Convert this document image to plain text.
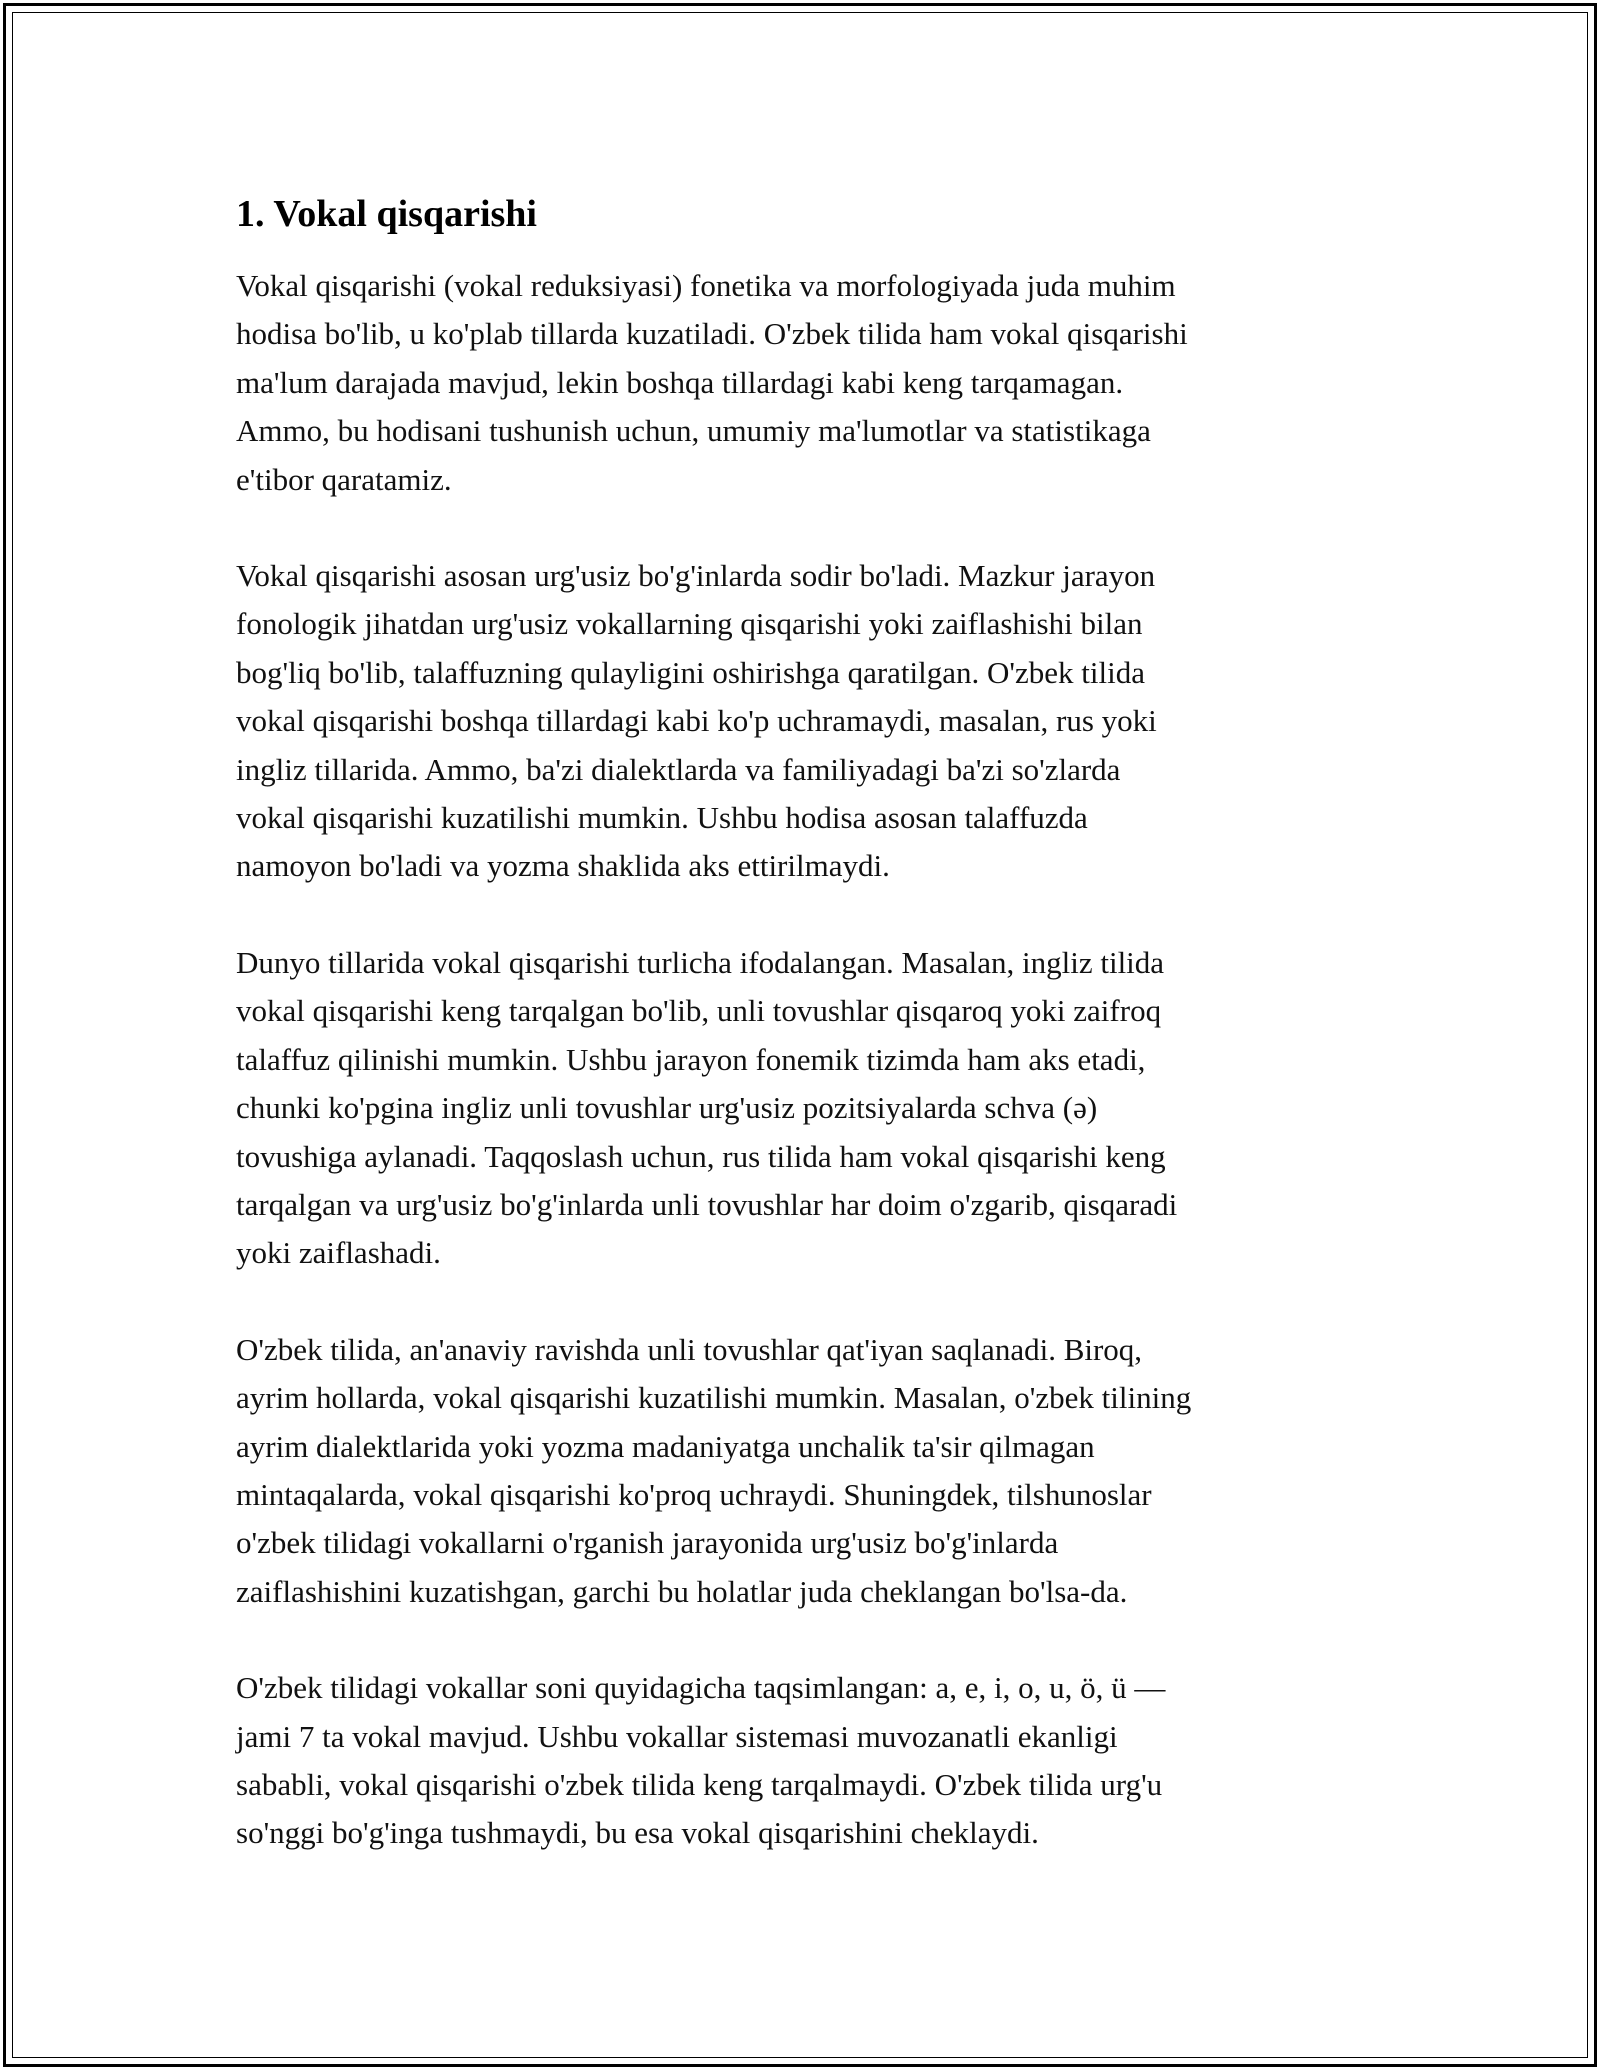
1. Vokal qisqarishi
Vokal qisqarishi (vokal reduksiyasi) fonetika va morfologiyada juda muhim
hodisa bo'lib, u ko'plab tillarda kuzatiladi. O'zbek tilida ham vokal qisqarishi
ma'lum darajada mavjud, lekin boshqa tillardagi kabi keng tarqamagan.
Ammo, bu hodisani tushunish uchun, umumiy ma'lumotlar va statistikaga
e'tibor qaratamiz.
Vokal qisqarishi asosan urg'usiz bo'g'inlarda sodir bo'ladi. Mazkur jarayon
fonologik jihatdan urg'usiz vokallarning qisqarishi yoki zaiflashishi bilan
bog'liq bo'lib, talaffuzning qulayligini oshirishga qaratilgan. O'zbek tilida
vokal qisqarishi boshqa tillardagi kabi ko'p uchramaydi, masalan, rus yoki
ingliz tillarida. Ammo, ba'zi dialektlarda va familiyadagi ba'zi so'zlarda
vokal qisqarishi kuzatilishi mumkin. Ushbu hodisa asosan talaffuzda
namoyon bo'ladi va yozma shaklida aks ettirilmaydi.
Dunyo tillarida vokal qisqarishi turlicha ifodalangan. Masalan, ingliz tilida
vokal qisqarishi keng tarqalgan bo'lib, unli tovushlar qisqaroq yoki zaifroq
talaffuz qilinishi mumkin. Ushbu jarayon fonemik tizimda ham aks etadi,
chunki ko'pgina ingliz unli tovushlar urg'usiz pozitsiyalarda schva (ə)
tovushiga aylanadi. Taqqoslash uchun, rus tilida ham vokal qisqarishi keng
tarqalgan va urg'usiz bo'g'inlarda unli tovushlar har doim o'zgarib, qisqaradi
yoki zaiflashadi.
O'zbek tilida, an'anaviy ravishda unli tovushlar qat'iyan saqlanadi. Biroq,
ayrim hollarda, vokal qisqarishi kuzatilishi mumkin. Masalan, o'zbek tilining
ayrim dialektlarida yoki yozma madaniyatga unchalik ta'sir qilmagan
mintaqalarda, vokal qisqarishi ko'proq uchraydi. Shuningdek, tilshunoslar
o'zbek tilidagi vokallarni o'rganish jarayonida urg'usiz bo'g'inlarda
zaiflashishini kuzatishgan, garchi bu holatlar juda cheklangan bo'lsa-da.
O'zbek tilidagi vokallar soni quyidagicha taqsimlangan: a, e, i, o, u, ö, ü —
jami 7 ta vokal mavjud. Ushbu vokallar sistemasi muvozanatli ekanligi
sababli, vokal qisqarishi o'zbek tilida keng tarqalmaydi. O'zbek tilida urg'u
so'nggi bo'g'inga tushmaydi, bu esa vokal qisqarishini cheklaydi.
